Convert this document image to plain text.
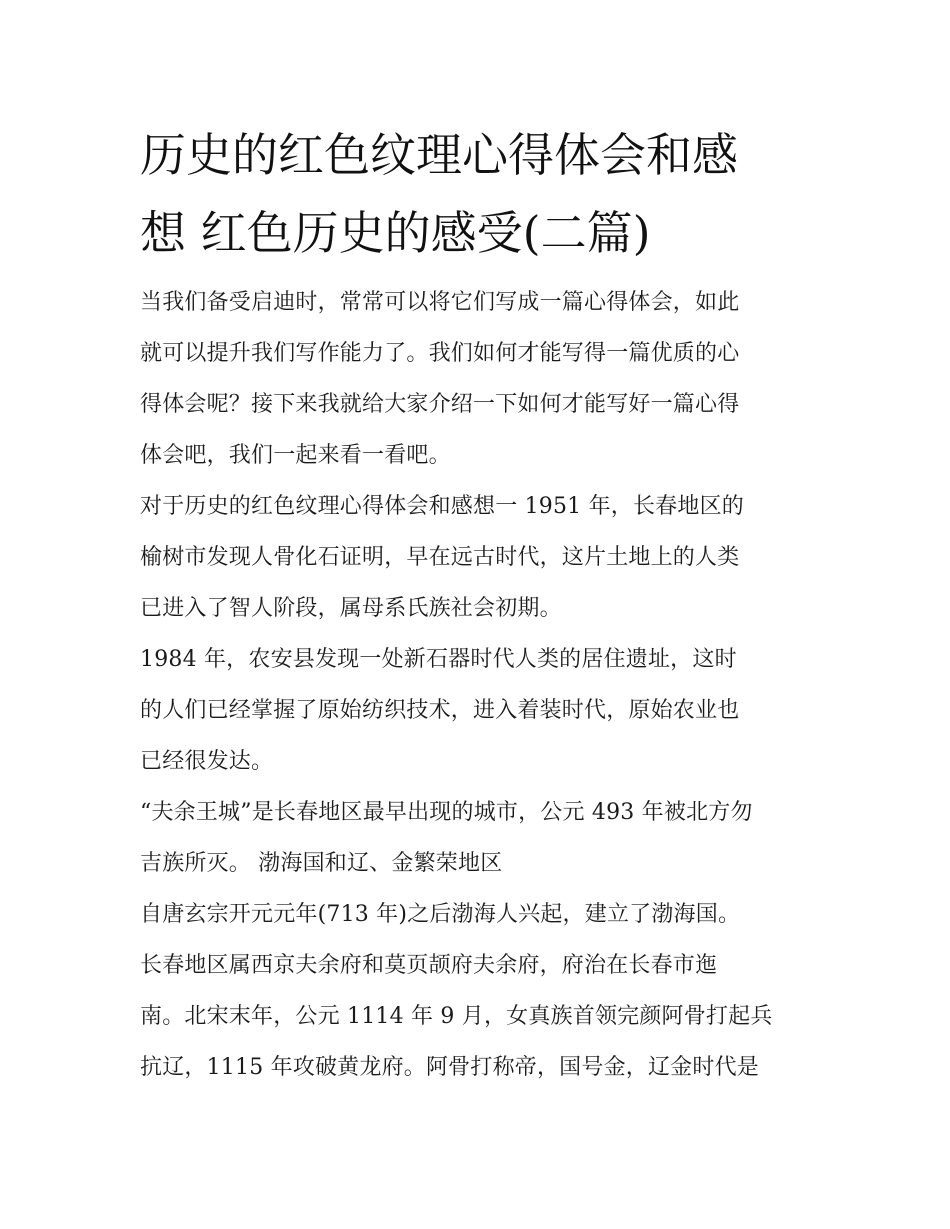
历史的红色纹理心得体会和感
想 红色历史的感受(二篇)
当我们备受启迪时，常常可以将它们写成一篇心得体会，如此
就可以提升我们写作能力了。我们如何才能写得一篇优质的心
得体会呢？接下来我就给大家介绍一下如何才能写好一篇心得
体会吧，我们一起来看一看吧。
对于历史的红色纹理心得体会和感想一 1951 年，长春地区的
榆树市发现人骨化石证明，早在远古时代，这片土地上的人类
已进入了智人阶段，属母系氏族社会初期。
1984 年，农安县发现一处新石器时代人类的居住遗址，这时
的人们已经掌握了原始纺织技术，进入着装时代，原始农业也
已经很发达。
“夫余王城”是长春地区最早出现的城市，公元 493 年被北方勿
吉族所灭。 渤海国和辽、金繁荣地区
自唐玄宗开元元年(713 年)之后渤海人兴起，建立了渤海国。
长春地区属西京夫余府和莫页颉府夫余府，府治在长春市迤
南。北宋末年，公元 1114 年 9 月，女真族首领完颜阿骨打起兵
抗辽，1115 年攻破黄龙府。阿骨打称帝，国号金，辽金时代是
